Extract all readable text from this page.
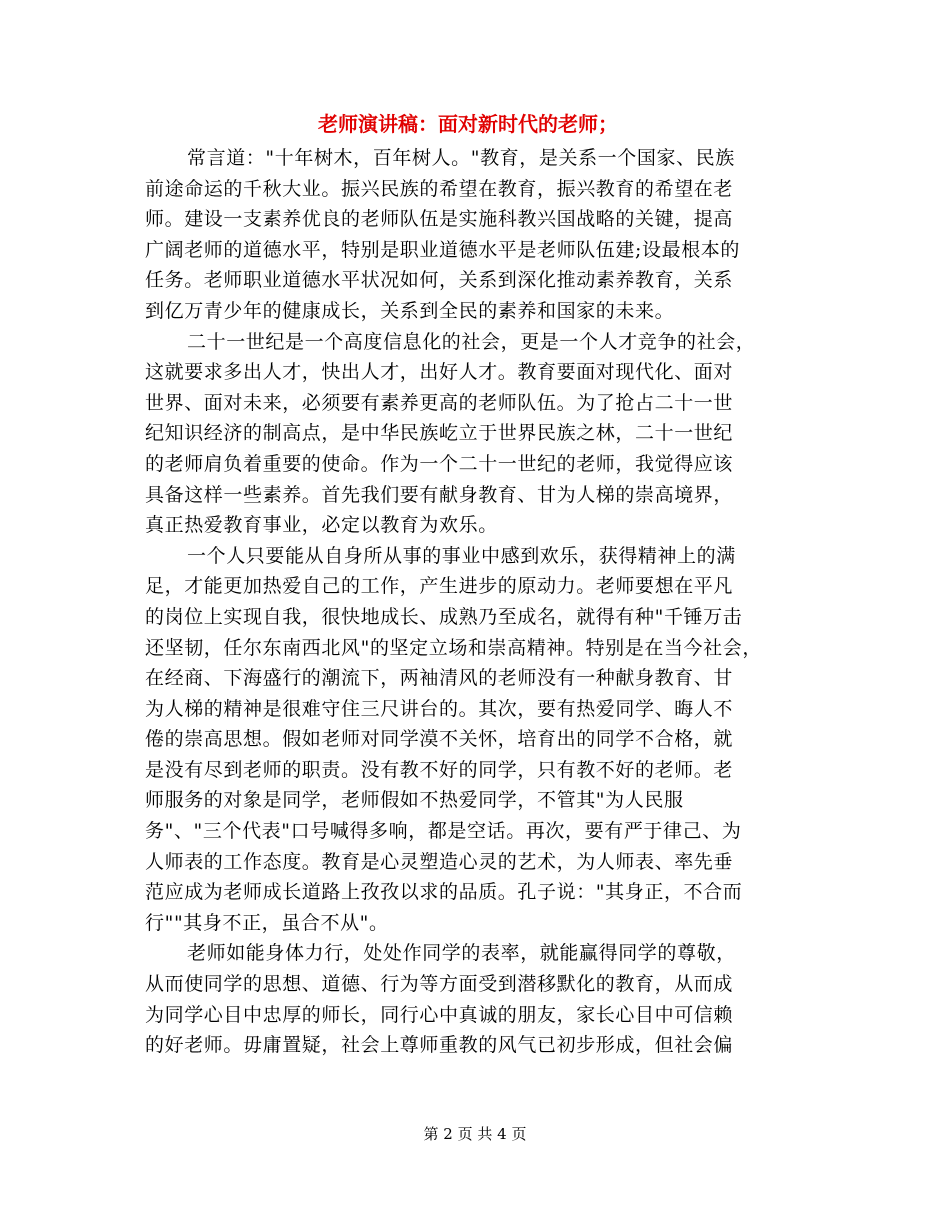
老师演讲稿：面对新时代的老师；
常言道："十年树木，百年树人。"教育，是关系一个国家、民族
前途命运的千秋大业。振兴民族的希望在教育，振兴教育的希望在老
师。建设一支素养优良的老师队伍是实施科教兴国战略的关键，提高
广阔老师的道德水平，特别是职业道德水平是老师队伍建;设最根本的
任务。老师职业道德水平状况如何，关系到深化推动素养教育，关系
到亿万青少年的健康成长，关系到全民的素养和国家的未来。
二十一世纪是一个高度信息化的社会，更是一个人才竞争的社会，
这就要求多出人才，快出人才，出好人才。教育要面对现代化、面对
世界、面对未来，必须要有素养更高的老师队伍。为了抢占二十一世
纪知识经济的制高点，是中华民族屹立于世界民族之林，二十一世纪
的老师肩负着重要的使命。作为一个二十一世纪的老师，我觉得应该
具备这样一些素养。首先我们要有献身教育、甘为人梯的崇高境界，
真正热爱教育事业，必定以教育为欢乐。
一个人只要能从自身所从事的事业中感到欢乐，获得精神上的满
足，才能更加热爱自己的工作，产生进步的原动力。老师要想在平凡
的岗位上实现自我，很快地成长、成熟乃至成名，就得有种"千锤万击
还坚韧，任尔东南西北风"的坚定立场和崇高精神。特别是在当今社会，
在经商、下海盛行的潮流下，两袖清风的老师没有一种献身教育、甘
为人梯的精神是很难守住三尺讲台的。其次，要有热爱同学、晦人不
倦的崇高思想。假如老师对同学漠不关怀，培育出的同学不合格，就
是没有尽到老师的职责。没有教不好的同学，只有教不好的老师。老
师服务的对象是同学，老师假如不热爱同学，不管其"为人民服
务"、"三个代表"口号喊得多响，都是空话。再次，要有严于律己、为
人师表的工作态度。教育是心灵塑造心灵的艺术，为人师表、率先垂
范应成为老师成长道路上孜孜以求的品质。孔子说："其身正，不合而
行""其身不正，虽合不从"。
老师如能身体力行，处处作同学的表率，就能赢得同学的尊敬，
从而使同学的思想、道德、行为等方面受到潜移默化的教育，从而成
为同学心目中忠厚的师长，同行心中真诚的朋友，家长心目中可信赖
的好老师。毋庸置疑，社会上尊师重教的风气已初步形成，但社会偏
第 2 页 共 4 页
